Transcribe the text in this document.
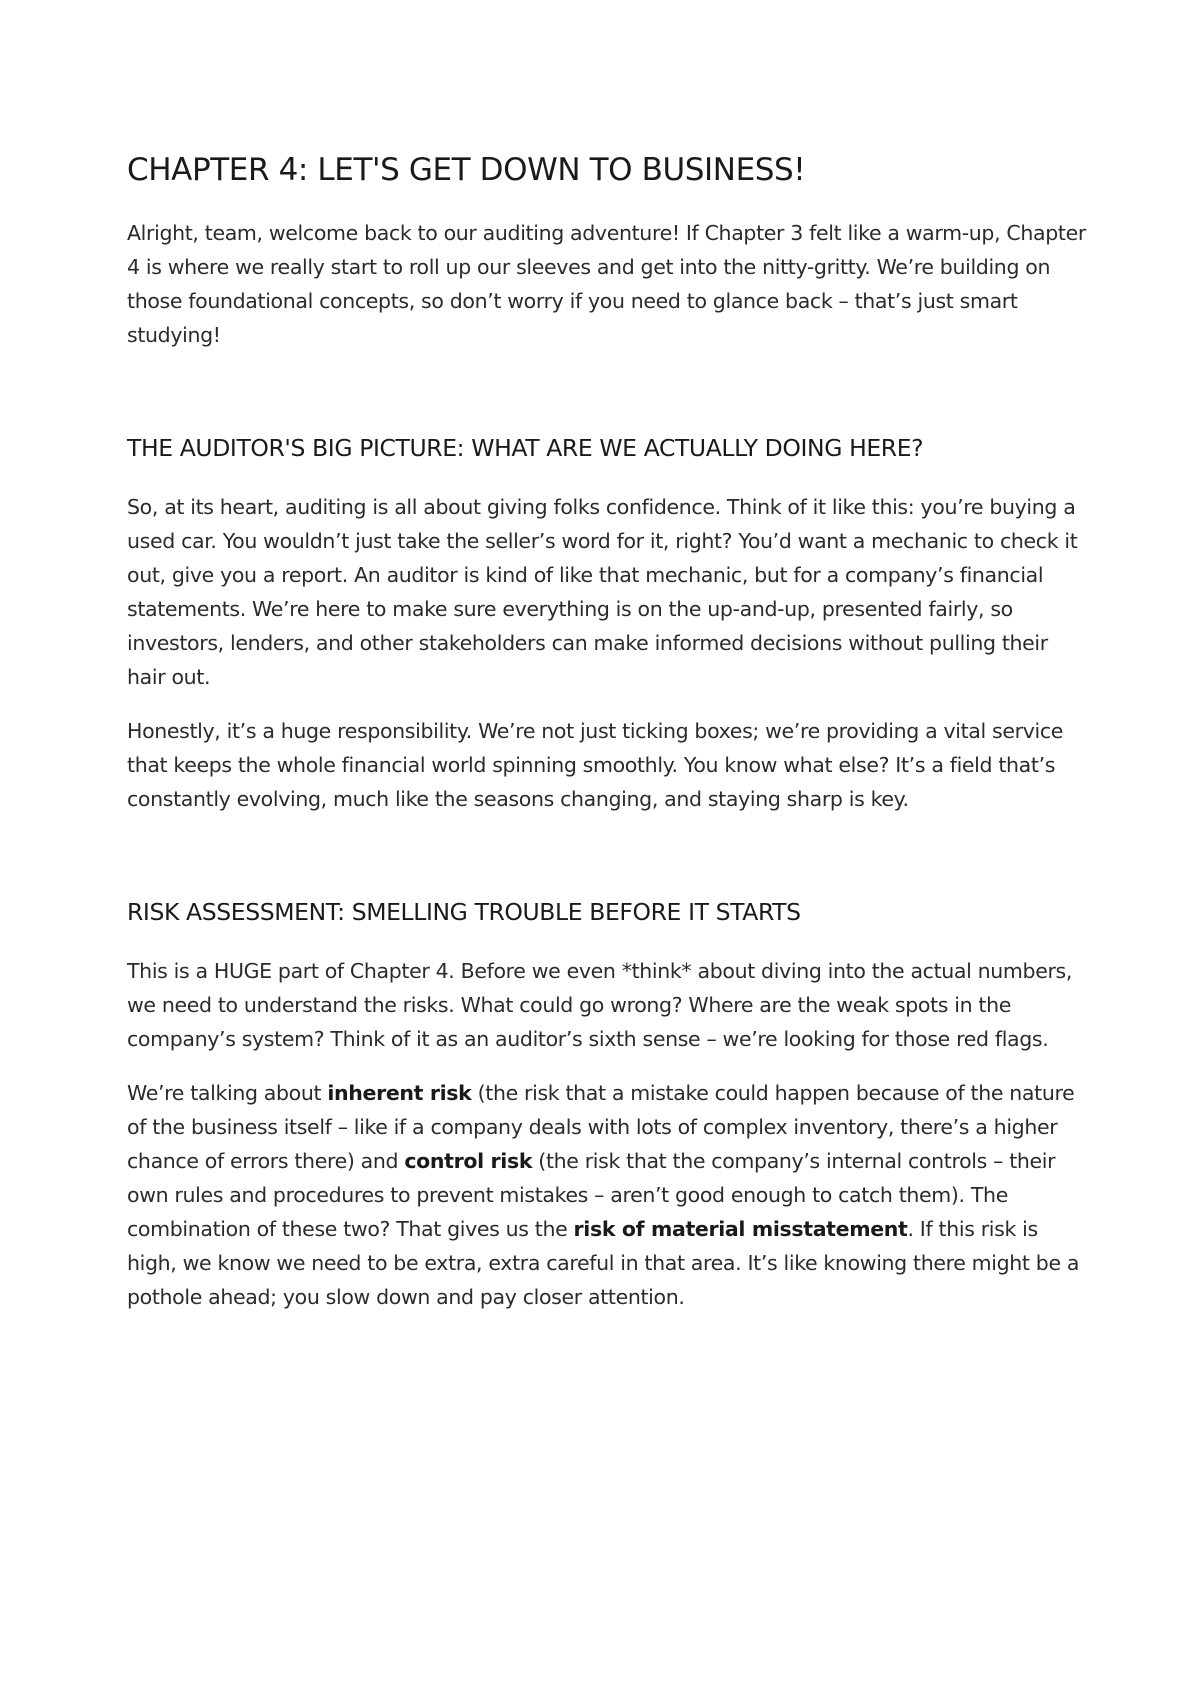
CHAPTER 4: LET'S GET DOWN TO BUSINESS!

Alright, team, welcome back to our auditing adventure! If Chapter 3 felt like a warm-up, Chapter 4 is where we really start to roll up our sleeves and get into the nitty-gritty. We’re building on those foundational concepts, so don’t worry if you need to glance back – that’s just smart studying!

THE AUDITOR'S BIG PICTURE: WHAT ARE WE ACTUALLY DOING HERE?

So, at its heart, auditing is all about giving folks confidence. Think of it like this: you’re buying a used car. You wouldn’t just take the seller’s word for it, right? You’d want a mechanic to check it out, give you a report. An auditor is kind of like that mechanic, but for a company’s financial statements. We’re here to make sure everything is on the up-and-up, presented fairly, so investors, lenders, and other stakeholders can make informed decisions without pulling their hair out.

Honestly, it’s a huge responsibility. We’re not just ticking boxes; we’re providing a vital service that keeps the whole financial world spinning smoothly. You know what else? It’s a field that’s constantly evolving, much like the seasons changing, and staying sharp is key.

RISK ASSESSMENT: SMELLING TROUBLE BEFORE IT STARTS

This is a HUGE part of Chapter 4. Before we even *think* about diving into the actual numbers, we need to understand the risks. What could go wrong? Where are the weak spots in the company’s system? Think of it as an auditor’s sixth sense – we’re looking for those red flags.

We’re talking about inherent risk (the risk that a mistake could happen because of the nature of the business itself – like if a company deals with lots of complex inventory, there’s a higher chance of errors there) and control risk (the risk that the company’s internal controls – their own rules and procedures to prevent mistakes – aren’t good enough to catch them). The combination of these two? That gives us the risk of material misstatement. If this risk is high, we know we need to be extra, extra careful in that area. It’s like knowing there might be a pothole ahead; you slow down and pay closer attention.
